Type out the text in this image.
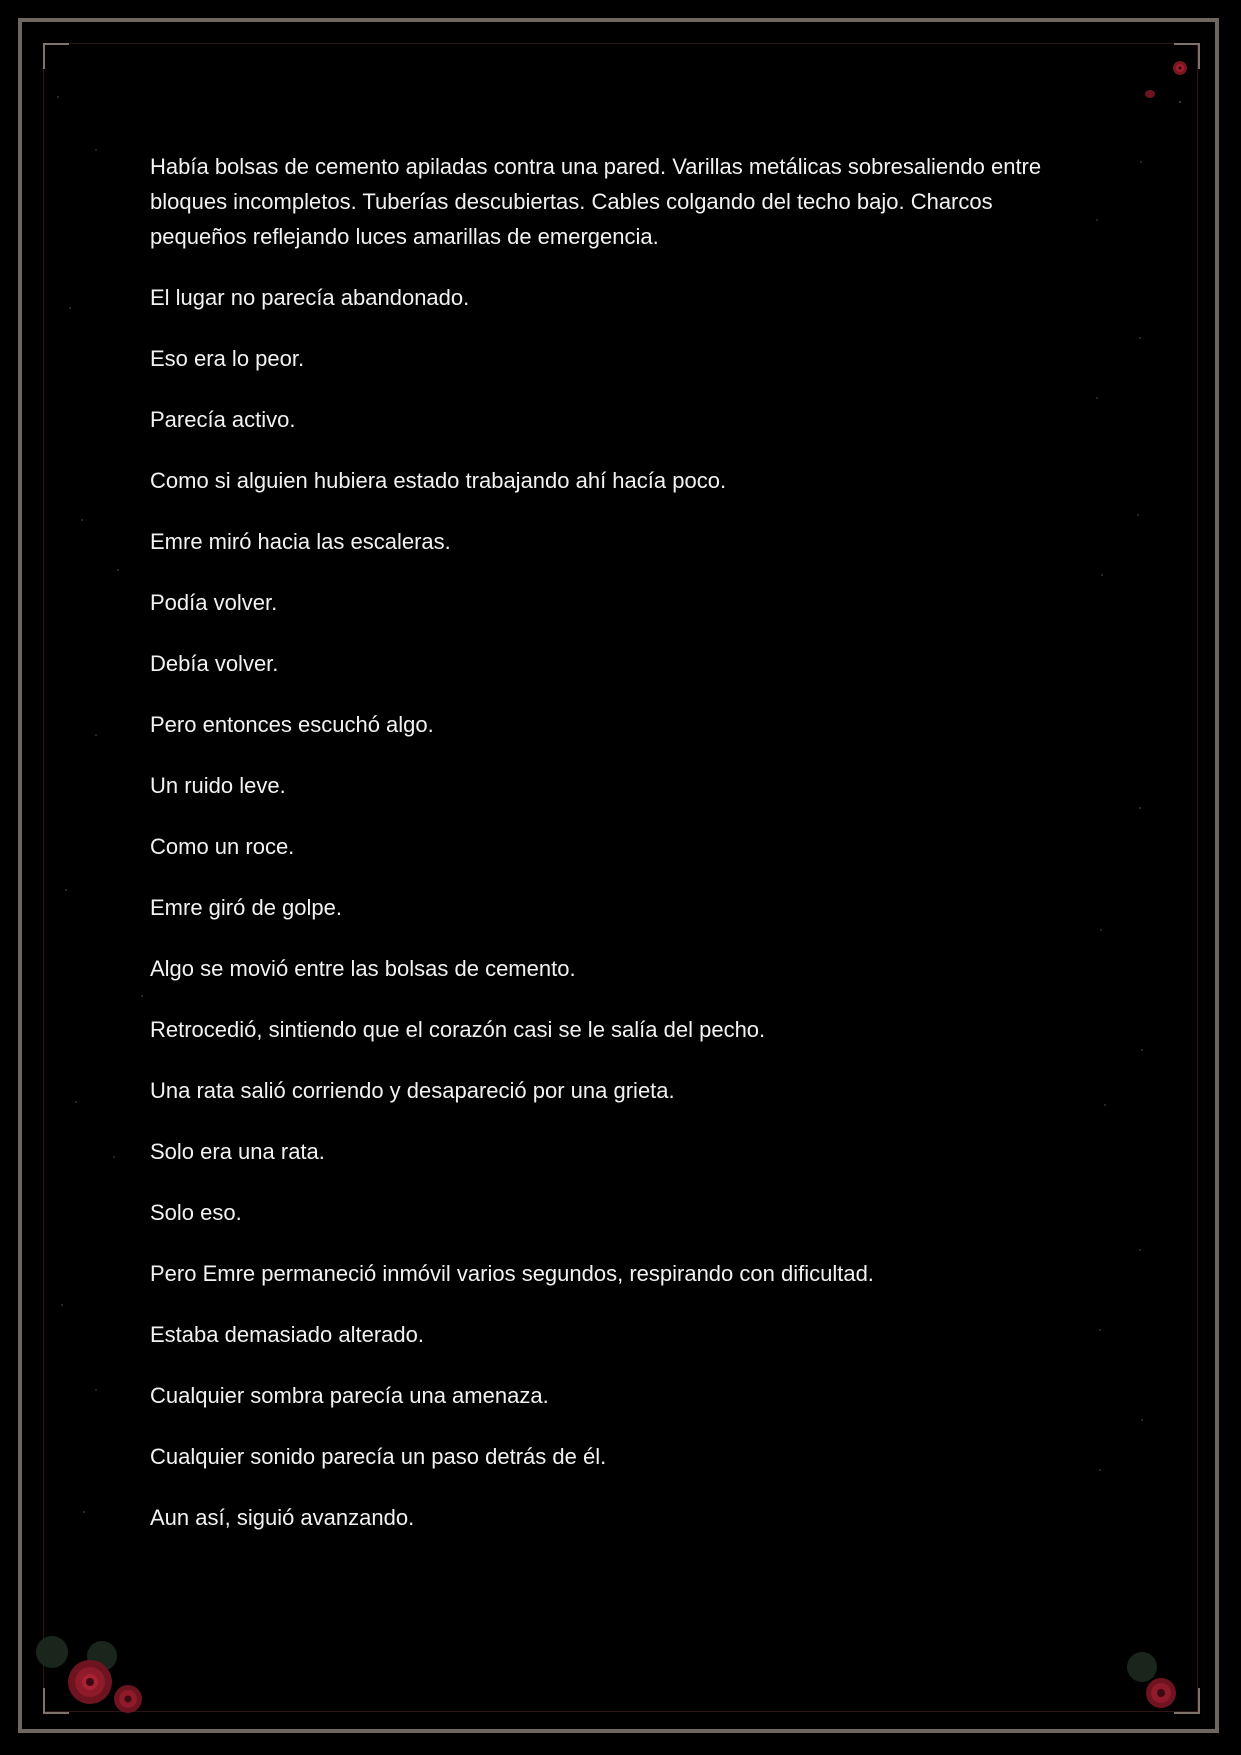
Había bolsas de cemento apiladas contra una pared. Varillas metálicas sobresaliendo entre bloques incompletos. Tuberías descubiertas. Cables colgando del techo bajo. Charcos pequeños reflejando luces amarillas de emergencia.

El lugar no parecía abandonado.

Eso era lo peor.

Parecía activo.

Como si alguien hubiera estado trabajando ahí hacía poco.

Emre miró hacia las escaleras.

Podía volver.

Debía volver.

Pero entonces escuchó algo.

Un ruido leve.

Como un roce.

Emre giró de golpe.

Algo se movió entre las bolsas de cemento.

Retrocedió, sintiendo que el corazón casi se le salía del pecho.

Una rata salió corriendo y desapareció por una grieta.

Solo era una rata.

Solo eso.

Pero Emre permaneció inmóvil varios segundos, respirando con dificultad.

Estaba demasiado alterado.

Cualquier sombra parecía una amenaza.

Cualquier sonido parecía un paso detrás de él.

Aun así, siguió avanzando.
